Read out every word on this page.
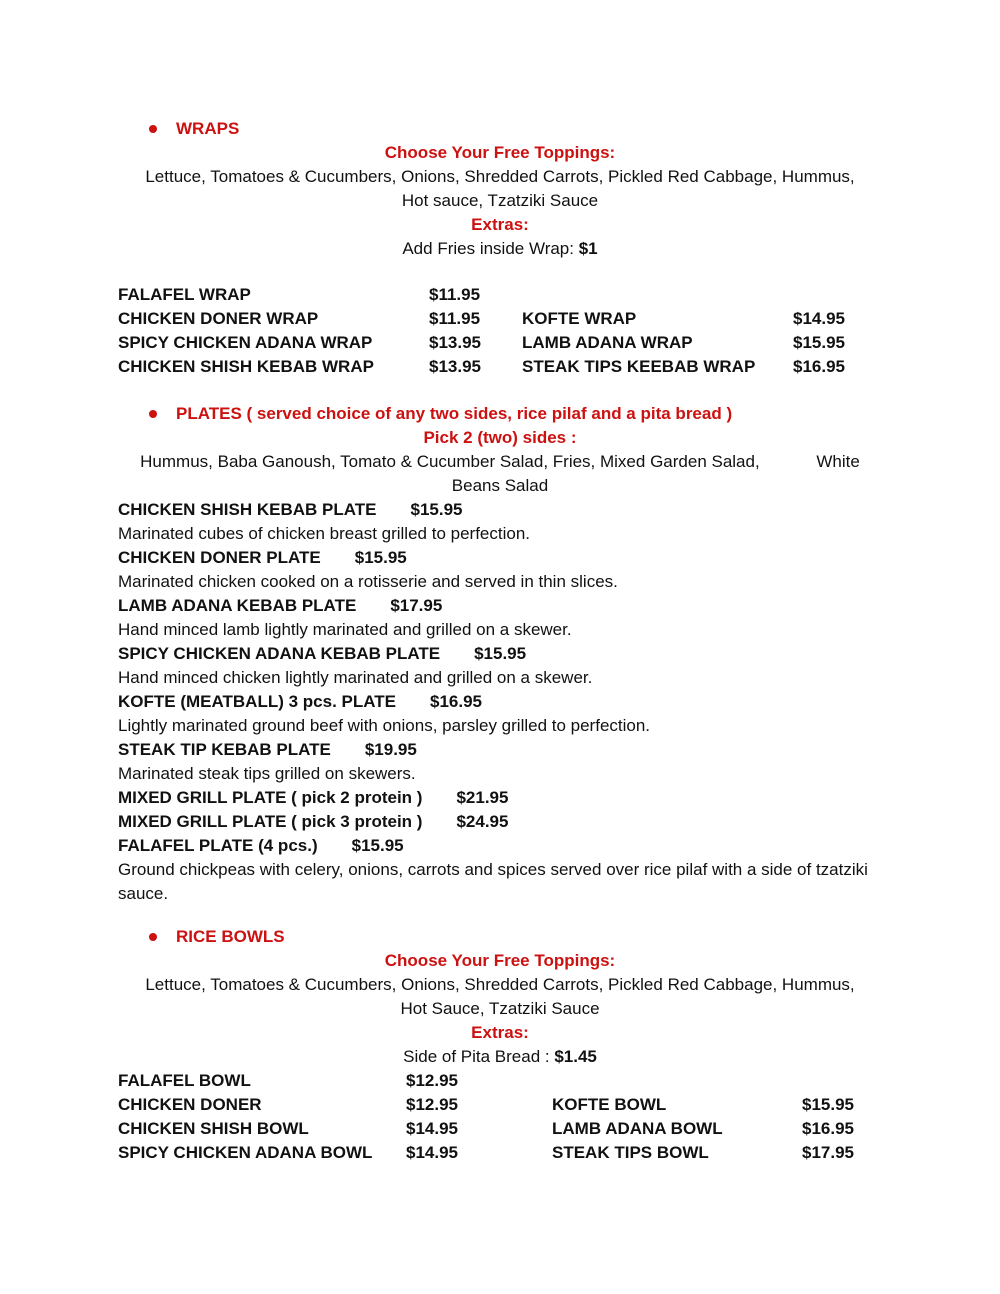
WRAPS
Choose Your Free Toppings:
Lettuce, Tomatoes & Cucumbers, Onions, Shredded Carrots, Pickled Red Cabbage, Hummus,
Hot sauce, Tzatziki Sauce
Extras:
Add Fries inside Wrap: $1
FALAFEL WRAP	$11.95
CHICKEN DONER WRAP	$11.95	KOFTE WRAP	$14.95
SPICY CHICKEN ADANA WRAP	$13.95	LAMB ADANA WRAP	$15.95
CHICKEN SHISH KEBAB WRAP	$13.95	STEAK TIPS KEEBAB WRAP	$16.95
PLATES ( served choice of any two sides, rice pilaf and a pita bread )
Pick 2 (two) sides :
Hummus, Baba Ganoush, Tomato & Cucumber Salad, Fries, Mixed Garden Salad,            White
Beans Salad
CHICKEN SHISH KEBAB PLATE $15.95
Marinated cubes of chicken breast grilled to perfection.
CHICKEN DONER PLATE $15.95
Marinated chicken cooked on a rotisserie and served in thin slices.
LAMB ADANA KEBAB PLATE $17.95
Hand minced lamb lightly marinated and grilled on a skewer.
SPICY CHICKEN ADANA KEBAB PLATE $15.95
Hand minced chicken lightly marinated and grilled on a skewer.
KOFTE (MEATBALL) 3 pcs. PLATE $16.95
Lightly marinated ground beef with onions, parsley grilled to perfection.
STEAK TIP KEBAB PLATE $19.95
Marinated steak tips grilled on skewers.
MIXED GRILL PLATE ( pick 2 protein ) $21.95
MIXED GRILL PLATE ( pick 3 protein ) $24.95
FALAFEL PLATE (4 pcs.) $15.95
Ground chickpeas with celery, onions, carrots and spices served over rice pilaf with a side of tzatziki sauce.
RICE BOWLS
Choose Your Free Toppings:
Lettuce, Tomatoes & Cucumbers, Onions, Shredded Carrots, Pickled Red Cabbage, Hummus,
Hot Sauce, Tzatziki Sauce
Extras:
Side of Pita Bread : $1.45
FALAFEL BOWL	$12.95
CHICKEN DONER	$12.95	KOFTE BOWL	$15.95
CHICKEN SHISH BOWL	$14.95	LAMB ADANA BOWL	$16.95
SPICY CHICKEN ADANA BOWL	$14.95	STEAK TIPS BOWL	$17.95
